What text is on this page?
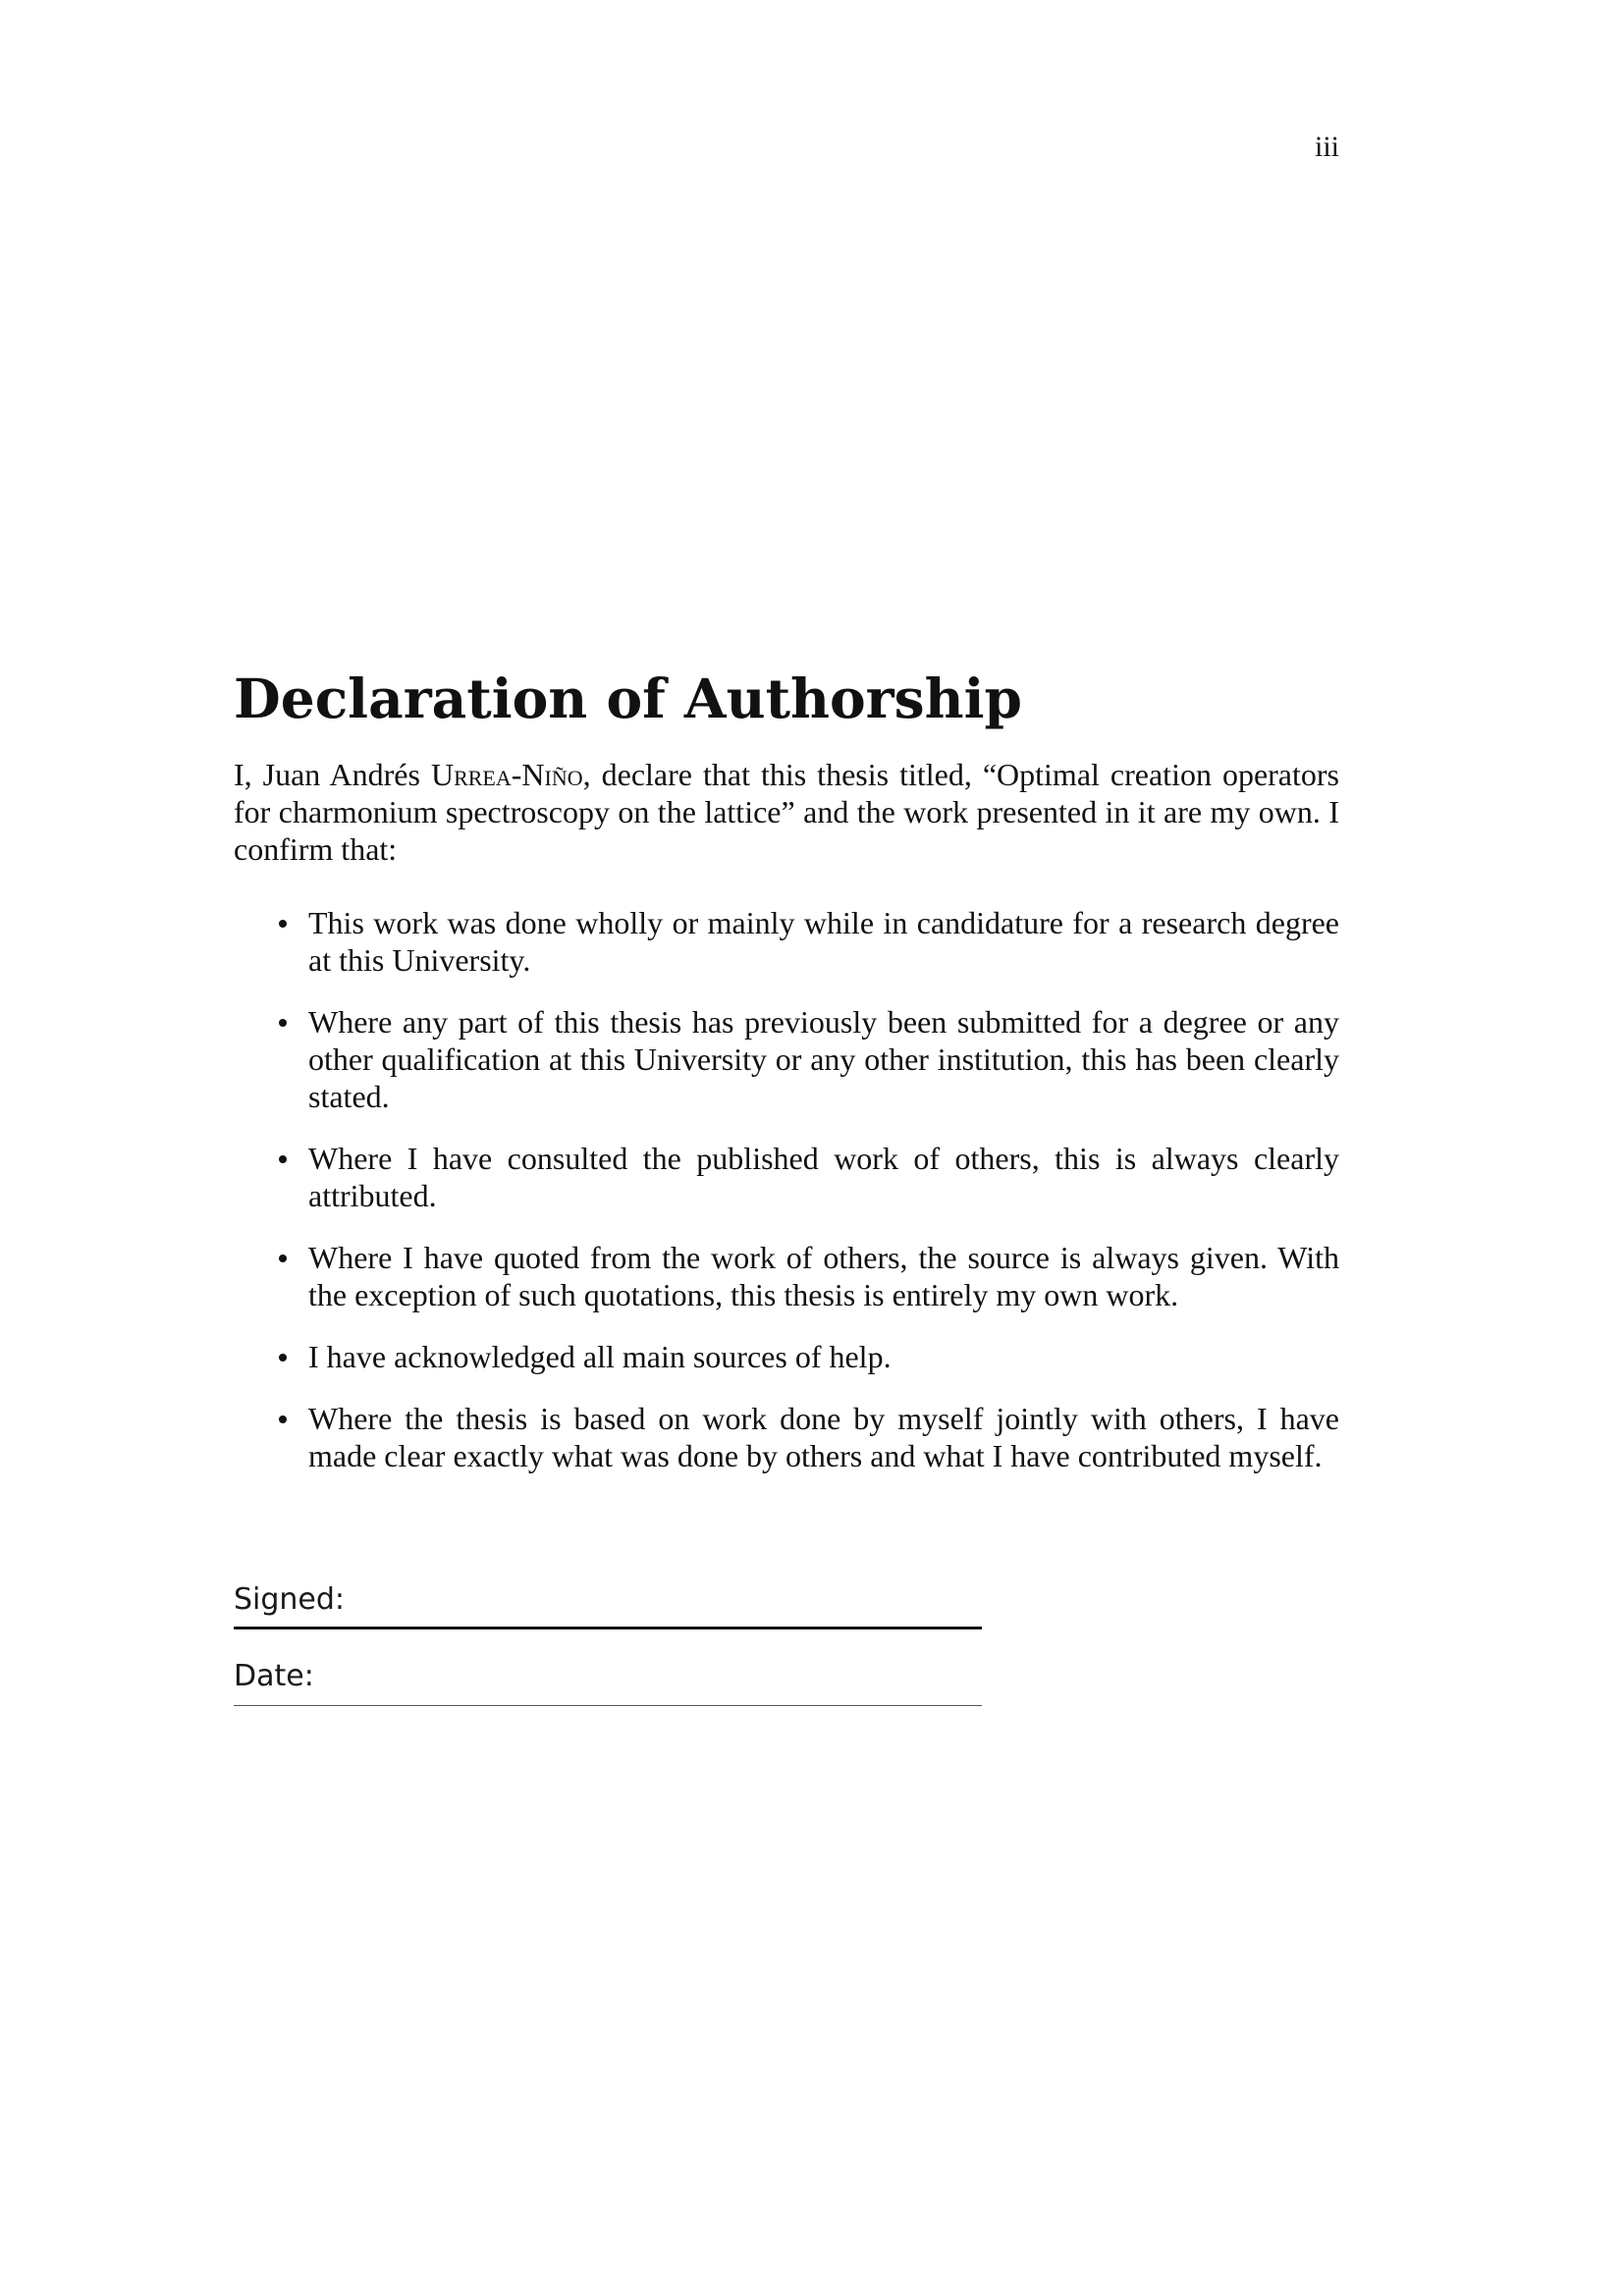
iii
Declaration of Authorship

I, Juan Andrés Urrea-Niño, declare that this thesis titled, “Optimal creation operators for charmonium spectroscopy on the lattice” and the work presented in it are my own. I confirm that:

This work was done wholly or mainly while in candidature for a research degree at this University.
Where any part of this thesis has previously been submitted for a degree or any other qualification at this University or any other institution, this has been clearly stated.
Where I have consulted the published work of others, this is always clearly attributed.
Where I have quoted from the work of others, the source is always given. With the exception of such quotations, this thesis is entirely my own work.
I have acknowledged all main sources of help.
Where the thesis is based on work done by myself jointly with others, I have made clear exactly what was done by others and what I have contributed myself.
Signed:
Date:
